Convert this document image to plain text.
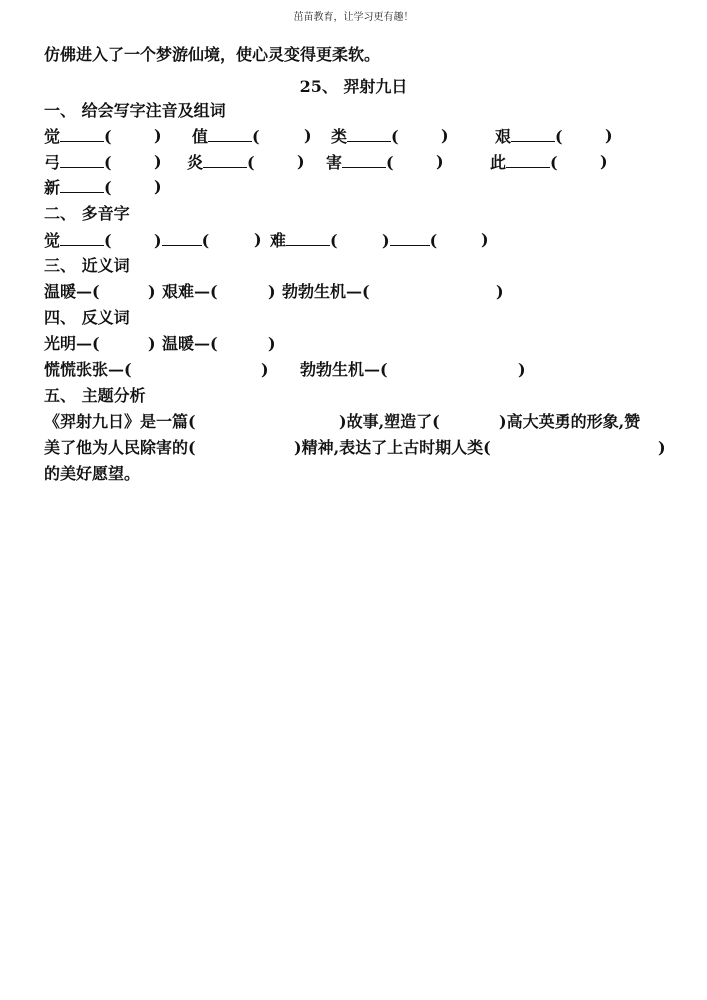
茁苗教育，让学习更有趣！
仿佛进入了一个梦游仙境，使心灵变得更柔软。
25、 羿射九日
一、 给会写字注音及组词
觉	(	) 值	(	) 类	(	)	艰	(	)
弓	(	) 炎	(	) 害	(	)	此	(	)
新	(	)
二、 多音字
觉	(	)	(	) 难	(	)	(	)
三、 近义词
温暖—(	) 艰难—(	) 勃勃生机—(	)
四、 反义词
光明—(	) 温暖—(	)
慌慌张张—(	) 勃勃生机—(	)
五、 主题分析
《羿射九日》是一篇(	)故事,塑造了(	)高大英勇的形象,赞
美了他为人民除害的(	)精神,表达了上古时期人类(	)
的美好愿望。
